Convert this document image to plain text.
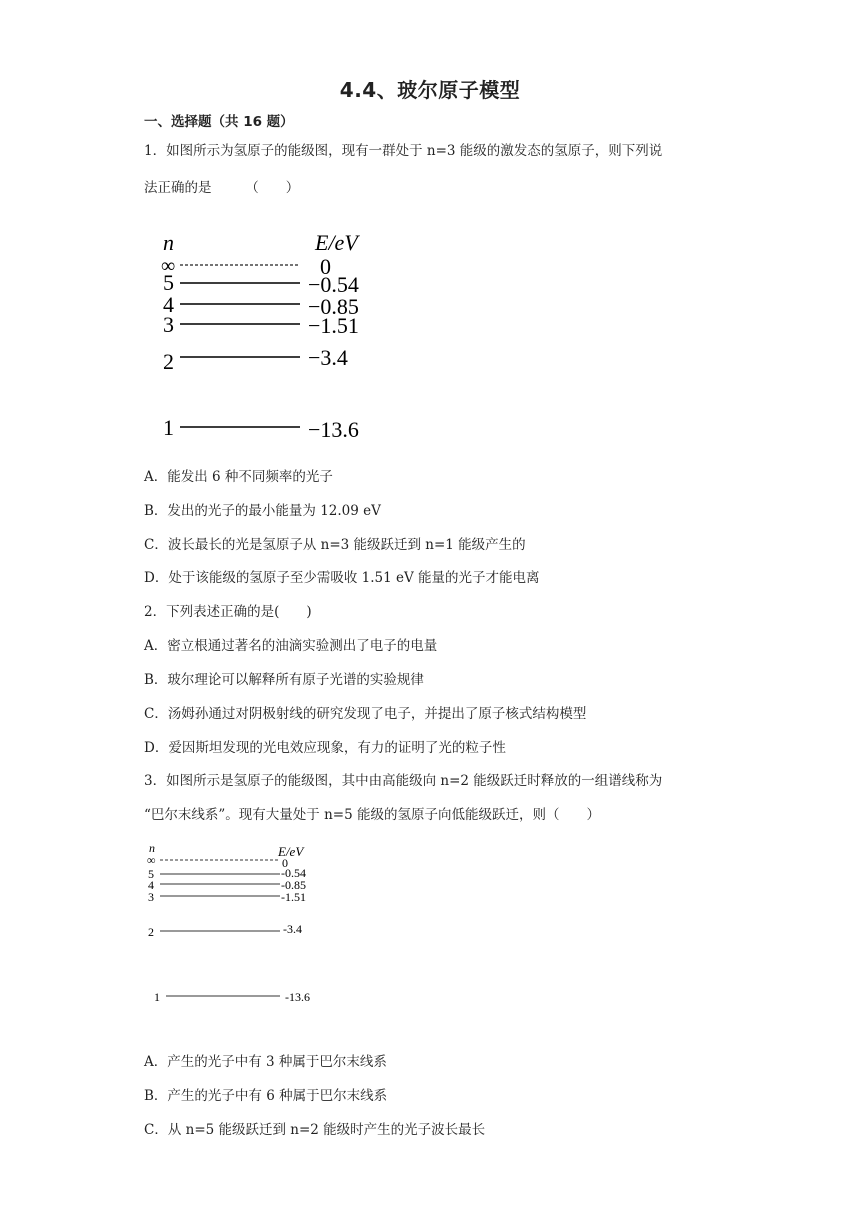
4.4、玻尔原子模型
一、选择题（共 16 题）
1．如图所示为氢原子的能级图，现有一群处于 n=3 能级的激发态的氢原子，则下列说
法正确的是　　　（　　）
n	E/eV
∞	0
5	−0.54
4	−0.85
3	−1.51
2	−3.4
1	−13.6
A．能发出 6 种不同频率的光子
B．发出的光子的最小能量为 12.09 eV
C．波长最长的光是氢原子从 n=3 能级跃迁到 n=1 能级产生的
D．处于该能级的氢原子至少需吸收 1.51 eV 能量的光子才能电离
2．下列表述正确的是(　　)
A．密立根通过著名的油滴实验测出了电子的电量
B．玻尔理论可以解释所有原子光谱的实验规律
C．汤姆孙通过对阴极射线的研究发现了电子，并提出了原子核式结构模型
D．爱因斯坦发现的光电效应现象，有力的证明了光的粒子性
3．如图所示是氢原子的能级图，其中由高能级向 n=2 能级跃迁时释放的一组谱线称为
“巴尔末线系”。现有大量处于 n=5 能级的氢原子向低能级跃迁，则（　　）
n	E/eV
∞	0
5	-0.54
4	-0.85
3	-1.51
2	-3.4
1	-13.6
A．产生的光子中有 3 种属于巴尔末线系
B．产生的光子中有 6 种属于巴尔末线系
C．从 n=5 能级跃迁到 n=2 能级时产生的光子波长最长
